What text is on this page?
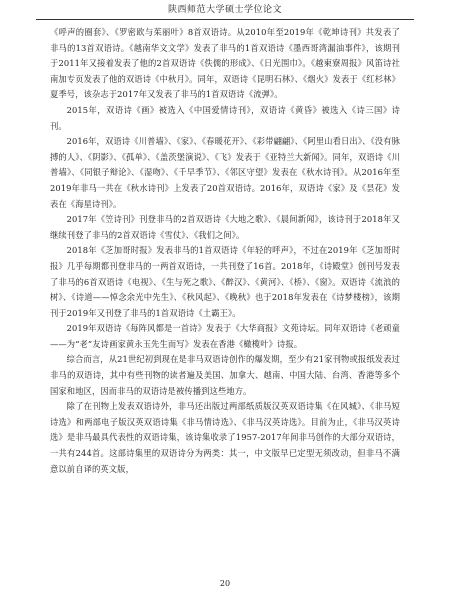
陕西师范大学硕士学位论文

《呼声的圈套》、《罗密欧与茱丽叶》8首双语诗。从2010年至2019年《乾坤诗刊》共发表了非马的13首双语诗。《越南华文文学》发表了非马的1首双语诗《墨西哥湾漏油事件》，该期刊于2011年又接着发表了他的2首双语诗《佚儒的形成》、《日光围巾》。《越柬寮周报》风笛诗社南加专页发表了他的双语诗《中秋月》。同年，双语诗《昆明石林》、《烟火》发表于《红杉林》夏季号，该杂志于2017年又发表了非马的1首双语诗《流弹》。

2015年，双语诗《画》被选入《中国爱情诗刊》，双语诗《黄昏》被选入《诗三国》诗刊。

2016年，双语诗《川普墙》、《家》、《春暖花开》、《彩带翩翩》、《阿里山看日出》、《没有脉搏的人》、《阴影》、《孤单》、《盖茨堡演说》、《飞》发表于《亚特兰大新闻》。同年，双语诗《川普墙》、《同银子辩论》、《湿吻》、《千早季节》、《邻区守望》发表在《秋水诗刊》。从2016年至2019年非马一共在《秋水诗刊》上发表了20首双语诗。2016年，双语诗《家》及《昙花》发表在《海星诗刊》。

2017年《笠诗刊》刊登非马的2首双语诗《大地之歌》、《晨间新闻》，该诗刊于2018年又继续刊登了非马的2首双语诗《雪仗》、《我们之间》。

2018年《芝加哥时报》发表非马的1首双语诗《年轻的呼声》，不过在2019年《芝加哥时报》几乎每期都刊登非马的一两首双语诗，一共刊登了16首。2018年，《诗殿堂》创刊号发表了非马的6首双语诗《电视》、《生与死之歌》、《醉汉》、《黄河》、《桥》、《窗》。双语诗《流浪的树》、《诗道——悼念余光中先生》、《秋风起》、《晚秋》也于2018年发表在《诗梦楼榜》，该期刊于2019年又刊登了非马的1首双语诗《土霸王》。

2019年双语诗《每阵风都是一首诗》发表于《大华商报》文苑诗坛。同年双语诗《老顽童——为“老”友诗画家黄永玉先生而写》发表在香港《橄榄叶》诗报。

综合而言，从21世纪初到现在是非马双语诗创作的爆发期，至少有21家刊物或报纸发表过非马的双语诗，其中有些刊物的读者遍及美国、加拿大、越南、中国大陆、台湾、香港等多个国家和地区，因而非马的双语诗是被传播到这些地方。

除了在刊物上发表双语诗外，非马还出版过两部纸质版汉英双语诗集《在风城》、《非马短诗选》和两部电子版汉英双语诗集《非马情诗选》、《非马汉英诗选》。目前为止，《非马汉英诗选》是非马最具代表性的双语诗集，该诗集收录了1957-2017年间非马创作的大部分双语诗，一共有244首。这部诗集里的双语诗分为两类：其一，中文版早已定型无须改动，但非马不满意以前自译的英文版，

20
